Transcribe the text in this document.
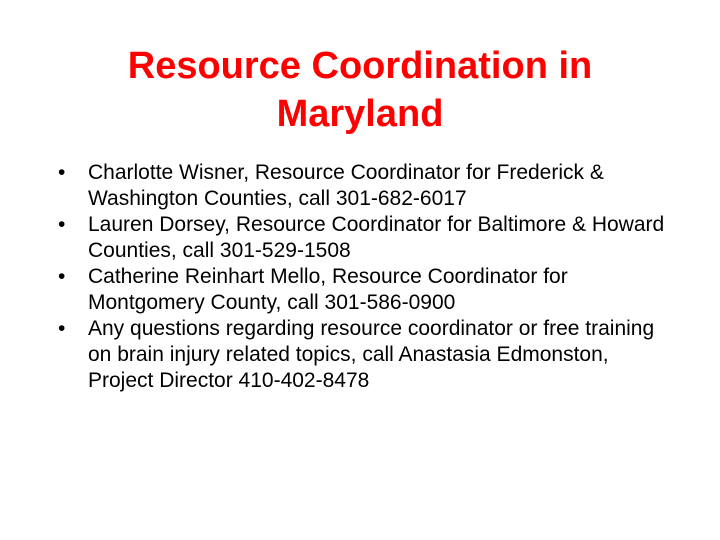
Resource Coordination in Maryland
•	Charlotte Wisner, Resource Coordinator for Frederick & Washington Counties, call 301-682-6017
•	Lauren Dorsey, Resource Coordinator for Baltimore & Howard Counties, call 301-529-1508
•	Catherine Reinhart Mello, Resource Coordinator for Montgomery County, call 301-586-0900
•	Any questions regarding resource coordinator or free training on brain injury related topics, call Anastasia Edmonston, Project Director 410-402-8478
